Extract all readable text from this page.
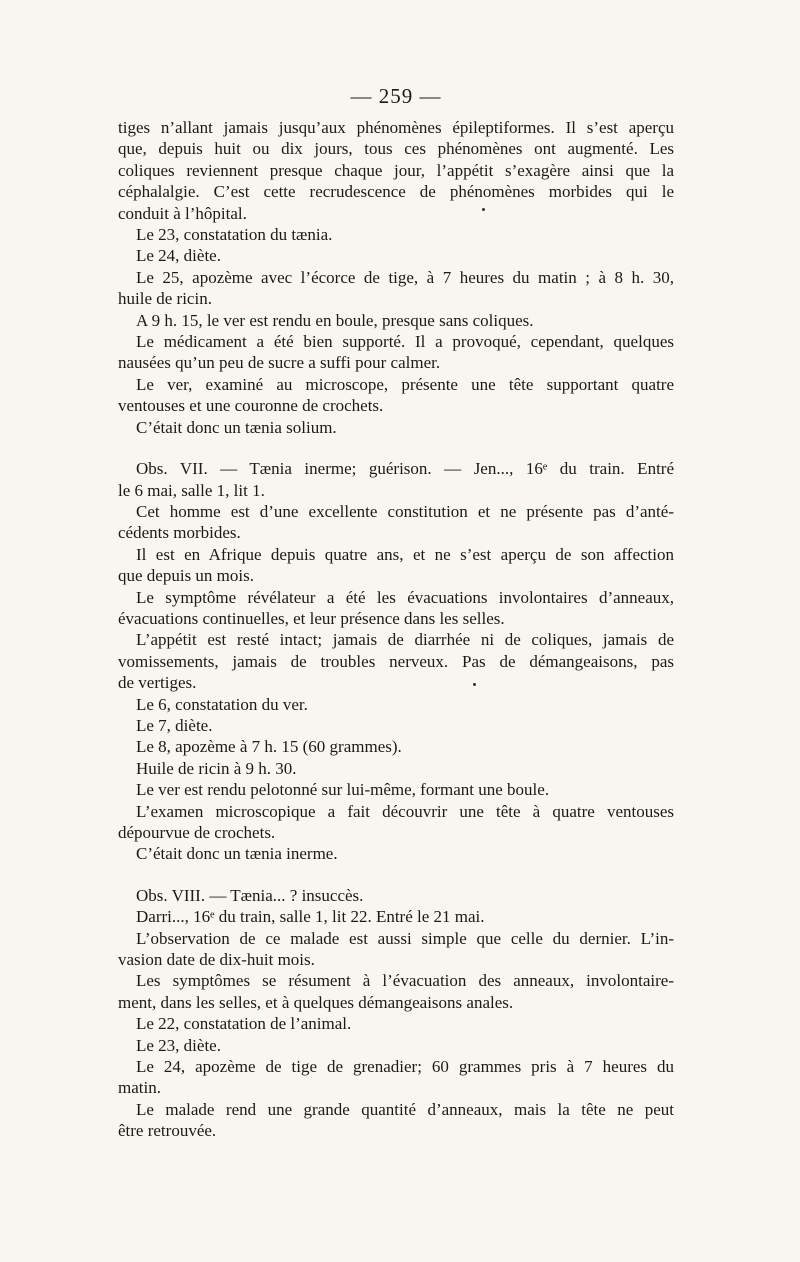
— 259 —
tiges n’allant jamais jusqu’aux phénomènes épileptiformes. Il s’est aperçu
que, depuis huit ou dix jours, tous ces phénomènes ont augmenté. Les
coliques reviennent presque chaque jour, l’appétit s’exagère ainsi que la
céphalalgie. C’est cette recrudescence de phénomènes morbides qui le
conduit à l’hôpital.
Le 23, constatation du tænia.
Le 24, diète.
Le 25, apozème avec l’écorce de tige, à 7 heures du matin ; à 8 h. 30,
huile de ricin.
A 9 h. 15, le ver est rendu en boule, presque sans coliques.
Le médicament a été bien supporté. Il a provoqué, cependant, quelques
nausées qu’un peu de sucre a suffi pour calmer.
Le ver, examiné au microscope, présente une tête supportant quatre
ventouses et une couronne de crochets.
C’était donc un tænia solium.
Obs. VII. — Tænia inerme; guérison. — Jen..., 16ᵉ du train. Entré
le 6 mai, salle 1, lit 1.
Cet homme est d’une excellente constitution et ne présente pas d’anté-
cédents morbides.
Il est en Afrique depuis quatre ans, et ne s’est aperçu de son affection
que depuis un mois.
Le symptôme révélateur a été les évacuations involontaires d’anneaux,
évacuations continuelles, et leur présence dans les selles.
L’appétit est resté intact; jamais de diarrhée ni de coliques, jamais de
vomissements, jamais de troubles nerveux. Pas de démangeaisons, pas
de vertiges.
Le 6, constatation du ver.
Le 7, diète.
Le 8, apozème à 7 h. 15 (60 grammes).
Huile de ricin à 9 h. 30.
Le ver est rendu pelotonné sur lui-même, formant une boule.
L’examen microscopique a fait découvrir une tête à quatre ventouses
dépourvue de crochets.
C’était donc un tænia inerme.
Obs. VIII. — Tænia... ? insuccès.
Darri..., 16ᵉ du train, salle 1, lit 22. Entré le 21 mai.
L’observation de ce malade est aussi simple que celle du dernier. L’in-
vasion date de dix-huit mois.
Les symptômes se résument à l’évacuation des anneaux, involontaire-
ment, dans les selles, et à quelques démangeaisons anales.
Le 22, constatation de l’animal.
Le 23, diète.
Le 24, apozème de tige de grenadier; 60 grammes pris à 7 heures du
matin.
Le malade rend une grande quantité d’anneaux, mais la tête ne peut
être retrouvée.
